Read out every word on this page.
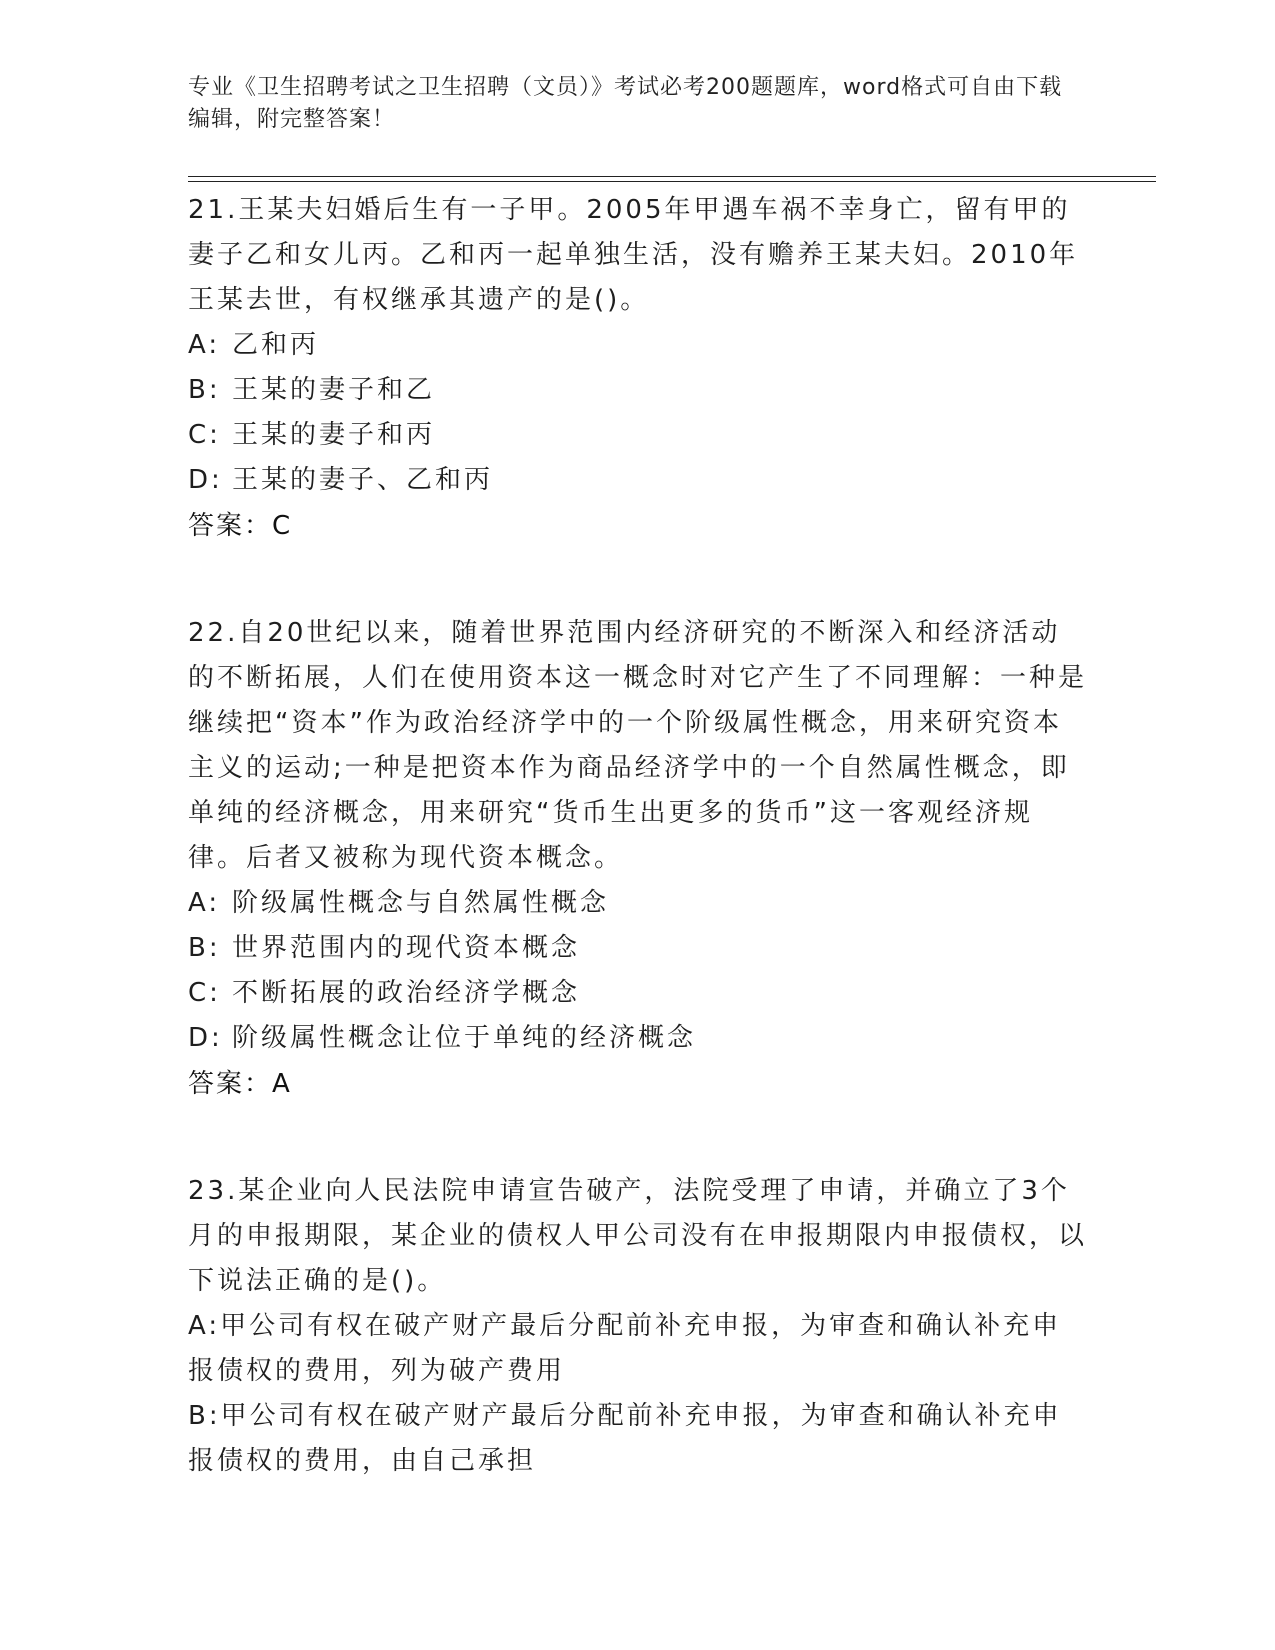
专业《卫生招聘考试之卫生招聘（文员）》考试必考200题题库，word格式可自由下载编辑，附完整答案！
21.王某夫妇婚后生有一子甲。2005年甲遇车祸不幸身亡，留有甲的妻子乙和女儿丙。乙和丙一起单独生活，没有赡养王某夫妇。2010年王某去世，有权继承其遗产的是()。
A: 乙和丙
B: 王某的妻子和乙
C: 王某的妻子和丙
D: 王某的妻子、乙和丙
答案：C
22.自20世纪以来，随着世界范围内经济研究的不断深入和经济活动的不断拓展，人们在使用资本这一概念时对它产生了不同理解：一种是继续把“资本”作为政治经济学中的一个阶级属性概念，用来研究资本主义的运动;一种是把资本作为商品经济学中的一个自然属性概念，即单纯的经济概念，用来研究“货币生出更多的货币”这一客观经济规律。后者又被称为现代资本概念。
A: 阶级属性概念与自然属性概念
B: 世界范围内的现代资本概念
C: 不断拓展的政治经济学概念
D: 阶级属性概念让位于单纯的经济概念
答案：A
23.某企业向人民法院申请宣告破产，法院受理了申请，并确立了3个月的申报期限，某企业的债权人甲公司没有在申报期限内申报债权，以下说法正确的是()。
A:甲公司有权在破产财产最后分配前补充申报，为审查和确认补充申报债权的费用，列为破产费用
B:甲公司有权在破产财产最后分配前补充申报，为审查和确认补充申报债权的费用，由自己承担
